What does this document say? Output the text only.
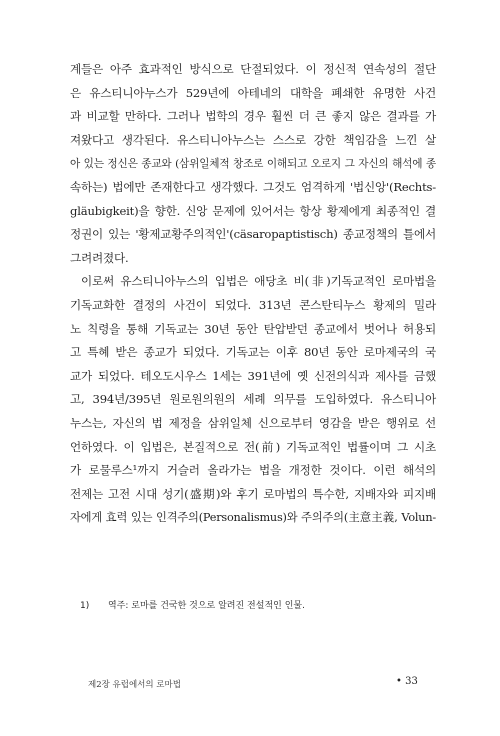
계들은 아주 효과적인 방식으로 단절되었다. 이 정신적 연속성의 절단
은 유스티니아누스가 529년에 아테네의 대학을 폐쇄한 유명한 사건
과 비교할 만하다. 그러나 법학의 경우 훨씬 더 큰 좋지 않은 결과를 가
져왔다고 생각된다. 유스티니아누스는 스스로 강한 책임감을 느낀 살
아 있는 정신은 종교와 (삼위일체적 창조로 이해되고 오로지 그 자신의 해석에 종
속하는) 법에만 존재한다고 생각했다. 그것도 엄격하게 '법신앙'(Rechts-
gläubigkeit)을 향한. 신앙 문제에 있어서는 항상 황제에게 최종적인 결
정권이 있는 '황제교황주의적인'(cäsaropaptistisch) 종교정책의 틀에서
그려려졌다.
이로써 유스티니아누스의 입법은 애당초 비(非)기독교적인 로마법을
기독교화한 결정의 사건이 되었다. 313년 콘스탄티누스 황제의 밀라
노 칙령을 통해 기독교는 30년 동안 탄압받던 종교에서 벗어나 허용되
고 특혜 받은 종교가 되었다. 기독교는 이후 80년 동안 로마제국의 국
교가 되었다. 테오도시우스 1세는 391년에 옛 신전의식과 제사를 금했
고, 394년/395년 원로원의원의 세례 의무를 도입하였다. 유스티니아
누스는, 자신의 법 제정을 삼위일체 신으로부터 영감을 받은 행위로 선
언하였다. 이 입법은, 본질적으로 전(前) 기독교적인 법률이며 그 시초
가 로물루스¹까지 거슬러 올라가는 법을 개정한 것이다. 이런 해석의
전제는 고전 시대 성기(盛期)와 후기 로마법의 특수한, 지배자와 피지배
자에게 효력 있는 인격주의(Personalismus)와 주의주의(主意主義, Volun-
1) 역주: 로마를 건국한 것으로 알려진 전설적인 인물.
제2장 유럽에서의 로마법	• 33
